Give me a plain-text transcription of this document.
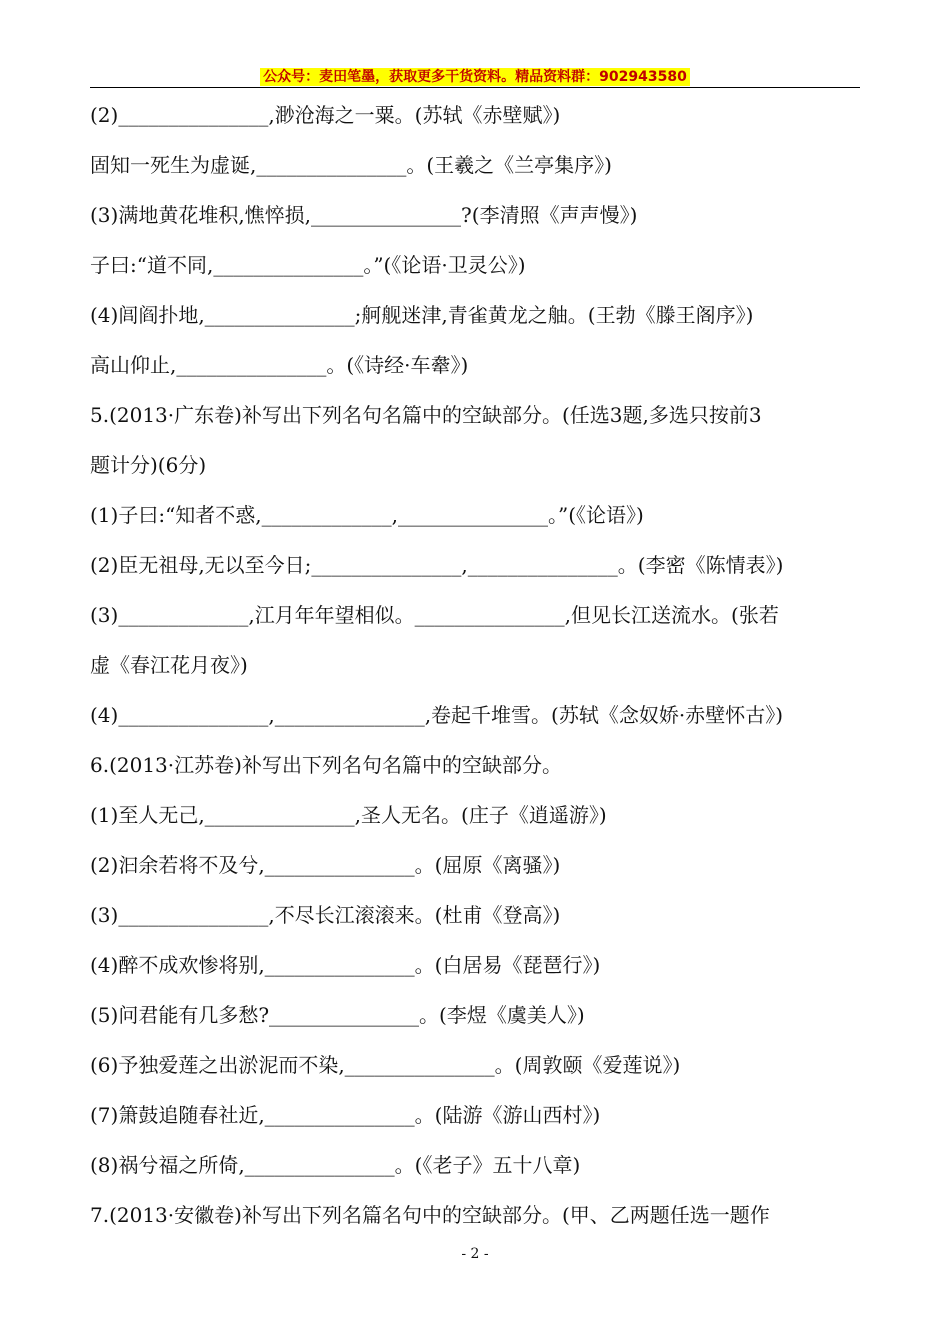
公众号：麦田笔墨，获取更多干货资料。精品资料群：902943580
(2)_______________,渺沧海之一粟。(苏轼《赤壁赋》)
固知一死生为虚诞,_______________。(王羲之《兰亭集序》)
(3)满地黄花堆积,憔悴损,_______________?(李清照《声声慢》)
子曰:“道不同,_______________。”(《论语·卫灵公》)
(4)闾阎扑地,_______________;舸舰迷津,青雀黄龙之舳。(王勃《滕王阁序》)
高山仰止,_______________。(《诗经·车舝》)
5.(2013·广东卷)补写出下列名句名篇中的空缺部分。(任选3题,多选只按前3
题计分)(6分)
(1)子曰:“知者不惑,_____________,_______________。”(《论语》)
(2)臣无祖母,无以至今日;_______________,_______________。(李密《陈情表》)
(3)_____________,江月年年望相似。_______________,但见长江送流水。(张若
虚《春江花月夜》)
(4)_______________,_______________,卷起千堆雪。(苏轼《念奴娇·赤壁怀古》)
6.(2013·江苏卷)补写出下列名句名篇中的空缺部分。
(1)至人无己,_______________,圣人无名。(庄子《逍遥游》)
(2)汩余若将不及兮,_______________。(屈原《离骚》)
(3)_______________,不尽长江滚滚来。(杜甫《登高》)
(4)醉不成欢惨将别,_______________。(白居易《琵琶行》)
(5)问君能有几多愁?_______________。(李煜《虞美人》)
(6)予独爱莲之出淤泥而不染,_______________。(周敦颐《爱莲说》)
(7)箫鼓追随春社近,_______________。(陆游《游山西村》)
(8)祸兮福之所倚,_______________。(《老子》五十八章)
7.(2013·安徽卷)补写出下列名篇名句中的空缺部分。(甲、乙两题任选一题作
- 2 -
